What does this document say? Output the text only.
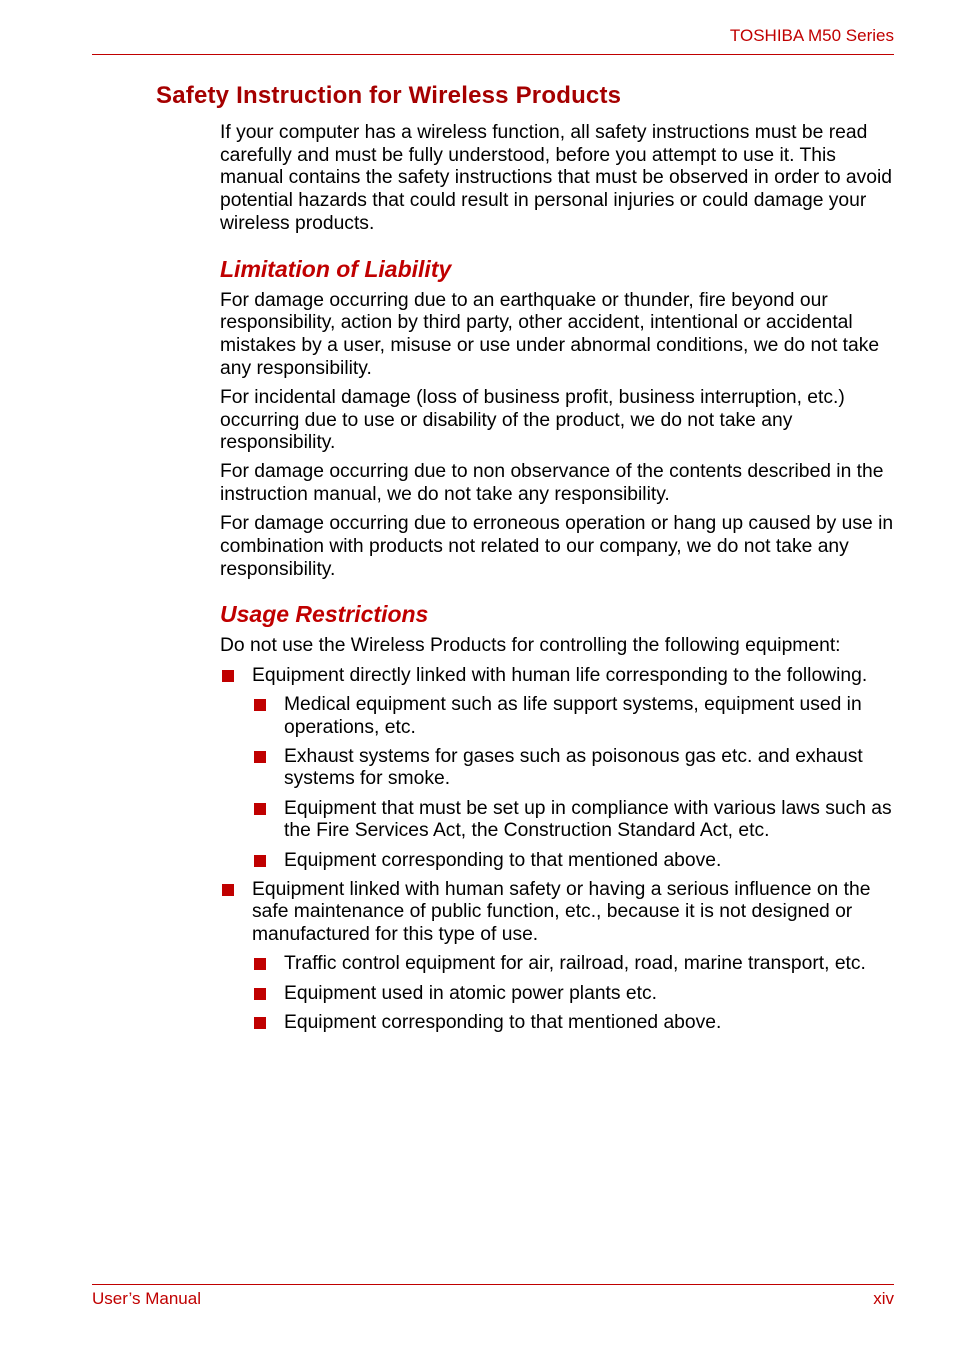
TOSHIBA M50 Series
Safety Instruction for Wireless Products

If your computer has a wireless function, all safety instructions must be read carefully and must be fully understood, before you attempt to use it. This manual contains the safety instructions that must be observed in order to avoid potential hazards that could result in personal injuries or could damage your wireless products.

Limitation of Liability

For damage occurring due to an earthquake or thunder, fire beyond our responsibility, action by third party, other accident, intentional or accidental mistakes by a user, misuse or use under abnormal conditions, we do not take any responsibility.

For incidental damage (loss of business profit, business interruption, etc.) occurring due to use or disability of the product, we do not take any responsibility.

For damage occurring due to non observance of the contents described in the instruction manual, we do not take any responsibility.

For damage occurring due to erroneous operation or hang up caused by use in combination with products not related to our company, we do not take any responsibility.

Usage Restrictions

Do not use the Wireless Products for controlling the following equipment:

Equipment directly linked with human life corresponding to the following.
Medical equipment such as life support systems, equipment used in operations, etc.
Exhaust systems for gases such as poisonous gas etc. and exhaust systems for smoke.
Equipment that must be set up in compliance with various laws such as the Fire Services Act, the Construction Standard Act, etc.
Equipment corresponding to that mentioned above.
Equipment linked with human safety or having a serious influence on the safe maintenance of public function, etc., because it is not designed or manufactured for this type of use.
Traffic control equipment for air, railroad, road, marine transport, etc.
Equipment used in atomic power plants etc.
Equipment corresponding to that mentioned above.
User’s Manual	xiv
